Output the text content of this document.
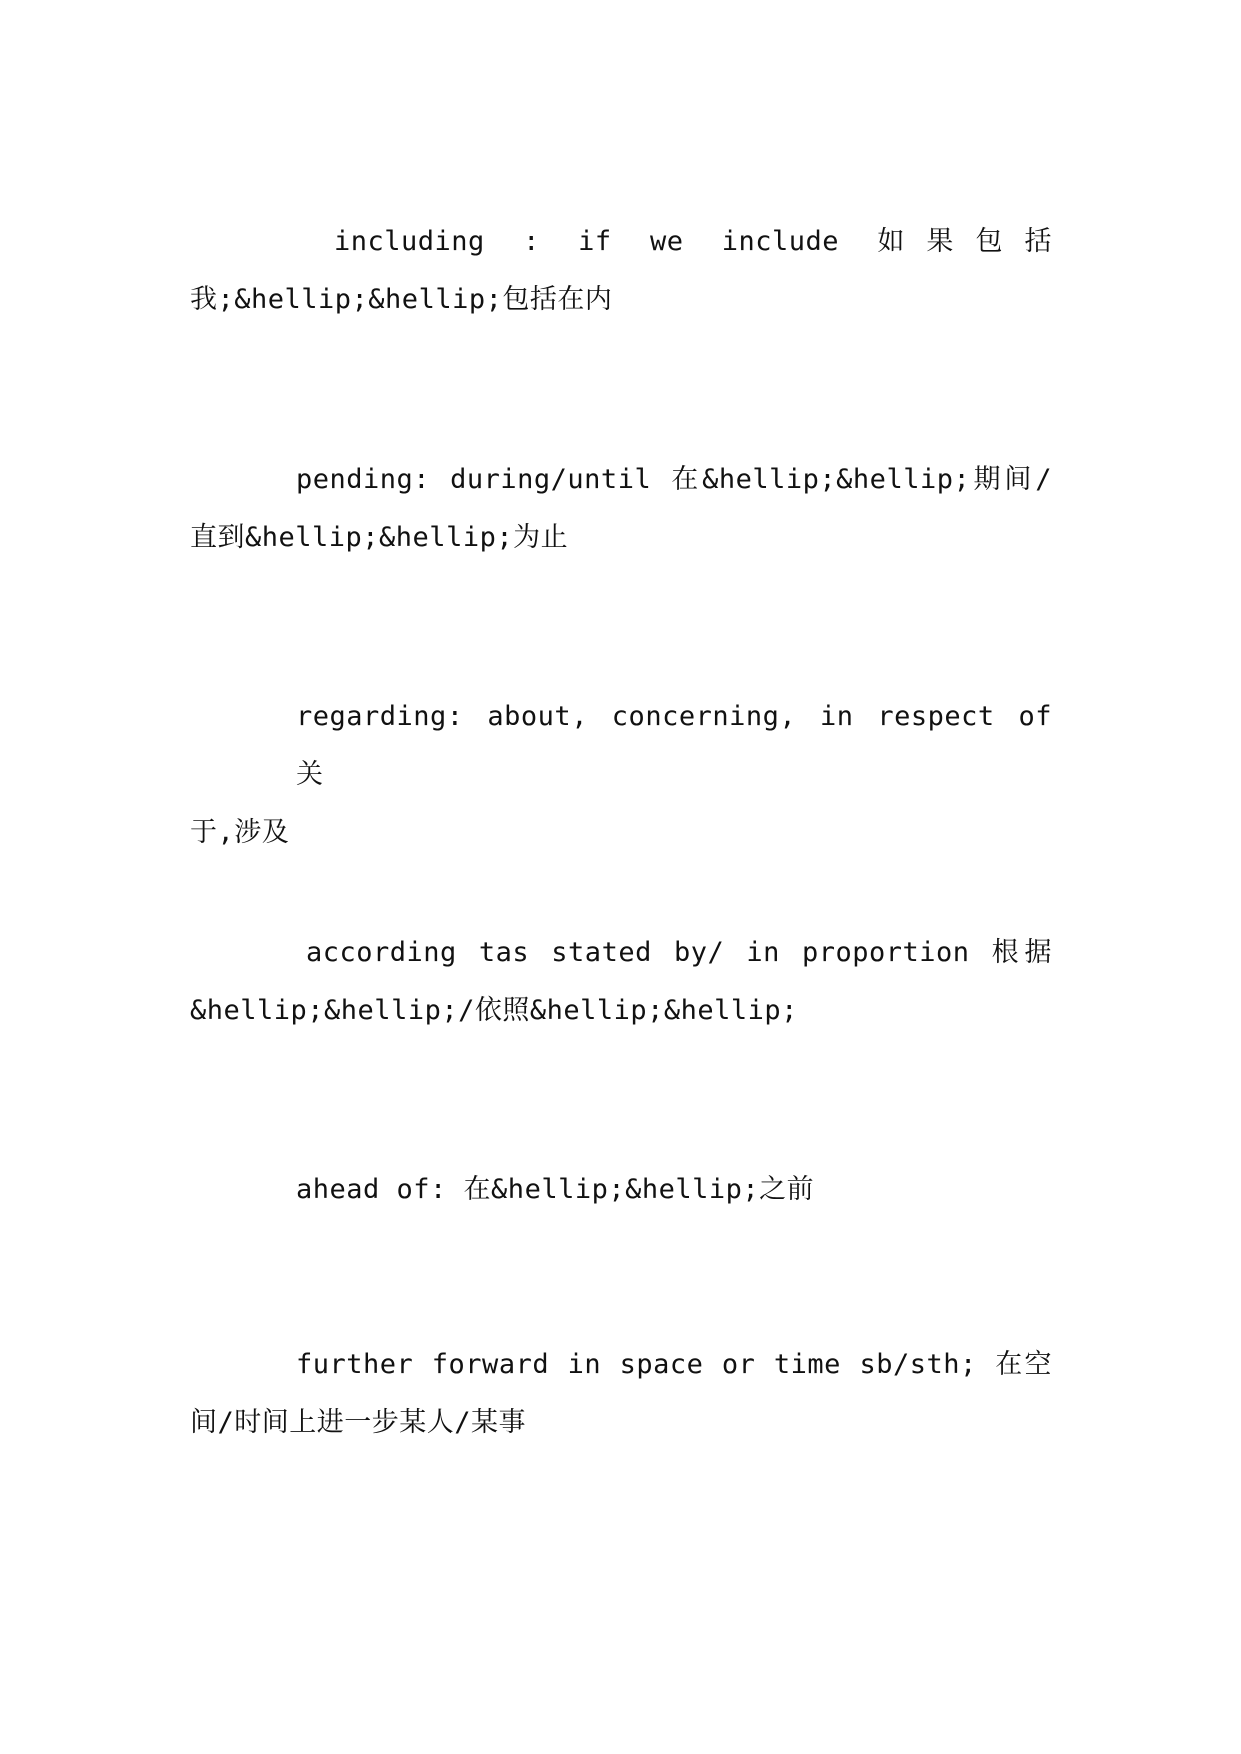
including : if we include 如果包括
我;&hellip;&hellip;包括在内
pending: during/until 在&hellip;&hellip;期间/
直到&hellip;&hellip;为止
regarding: about, concerning, in respect of 关
于,涉及
according tas stated by/ in proportion 根据
&hellip;&hellip;/依照&hellip;&hellip;
ahead of: 在&hellip;&hellip;之前
further forward in space or time sb/sth; 在空
间/时间上进一步某人/某事
